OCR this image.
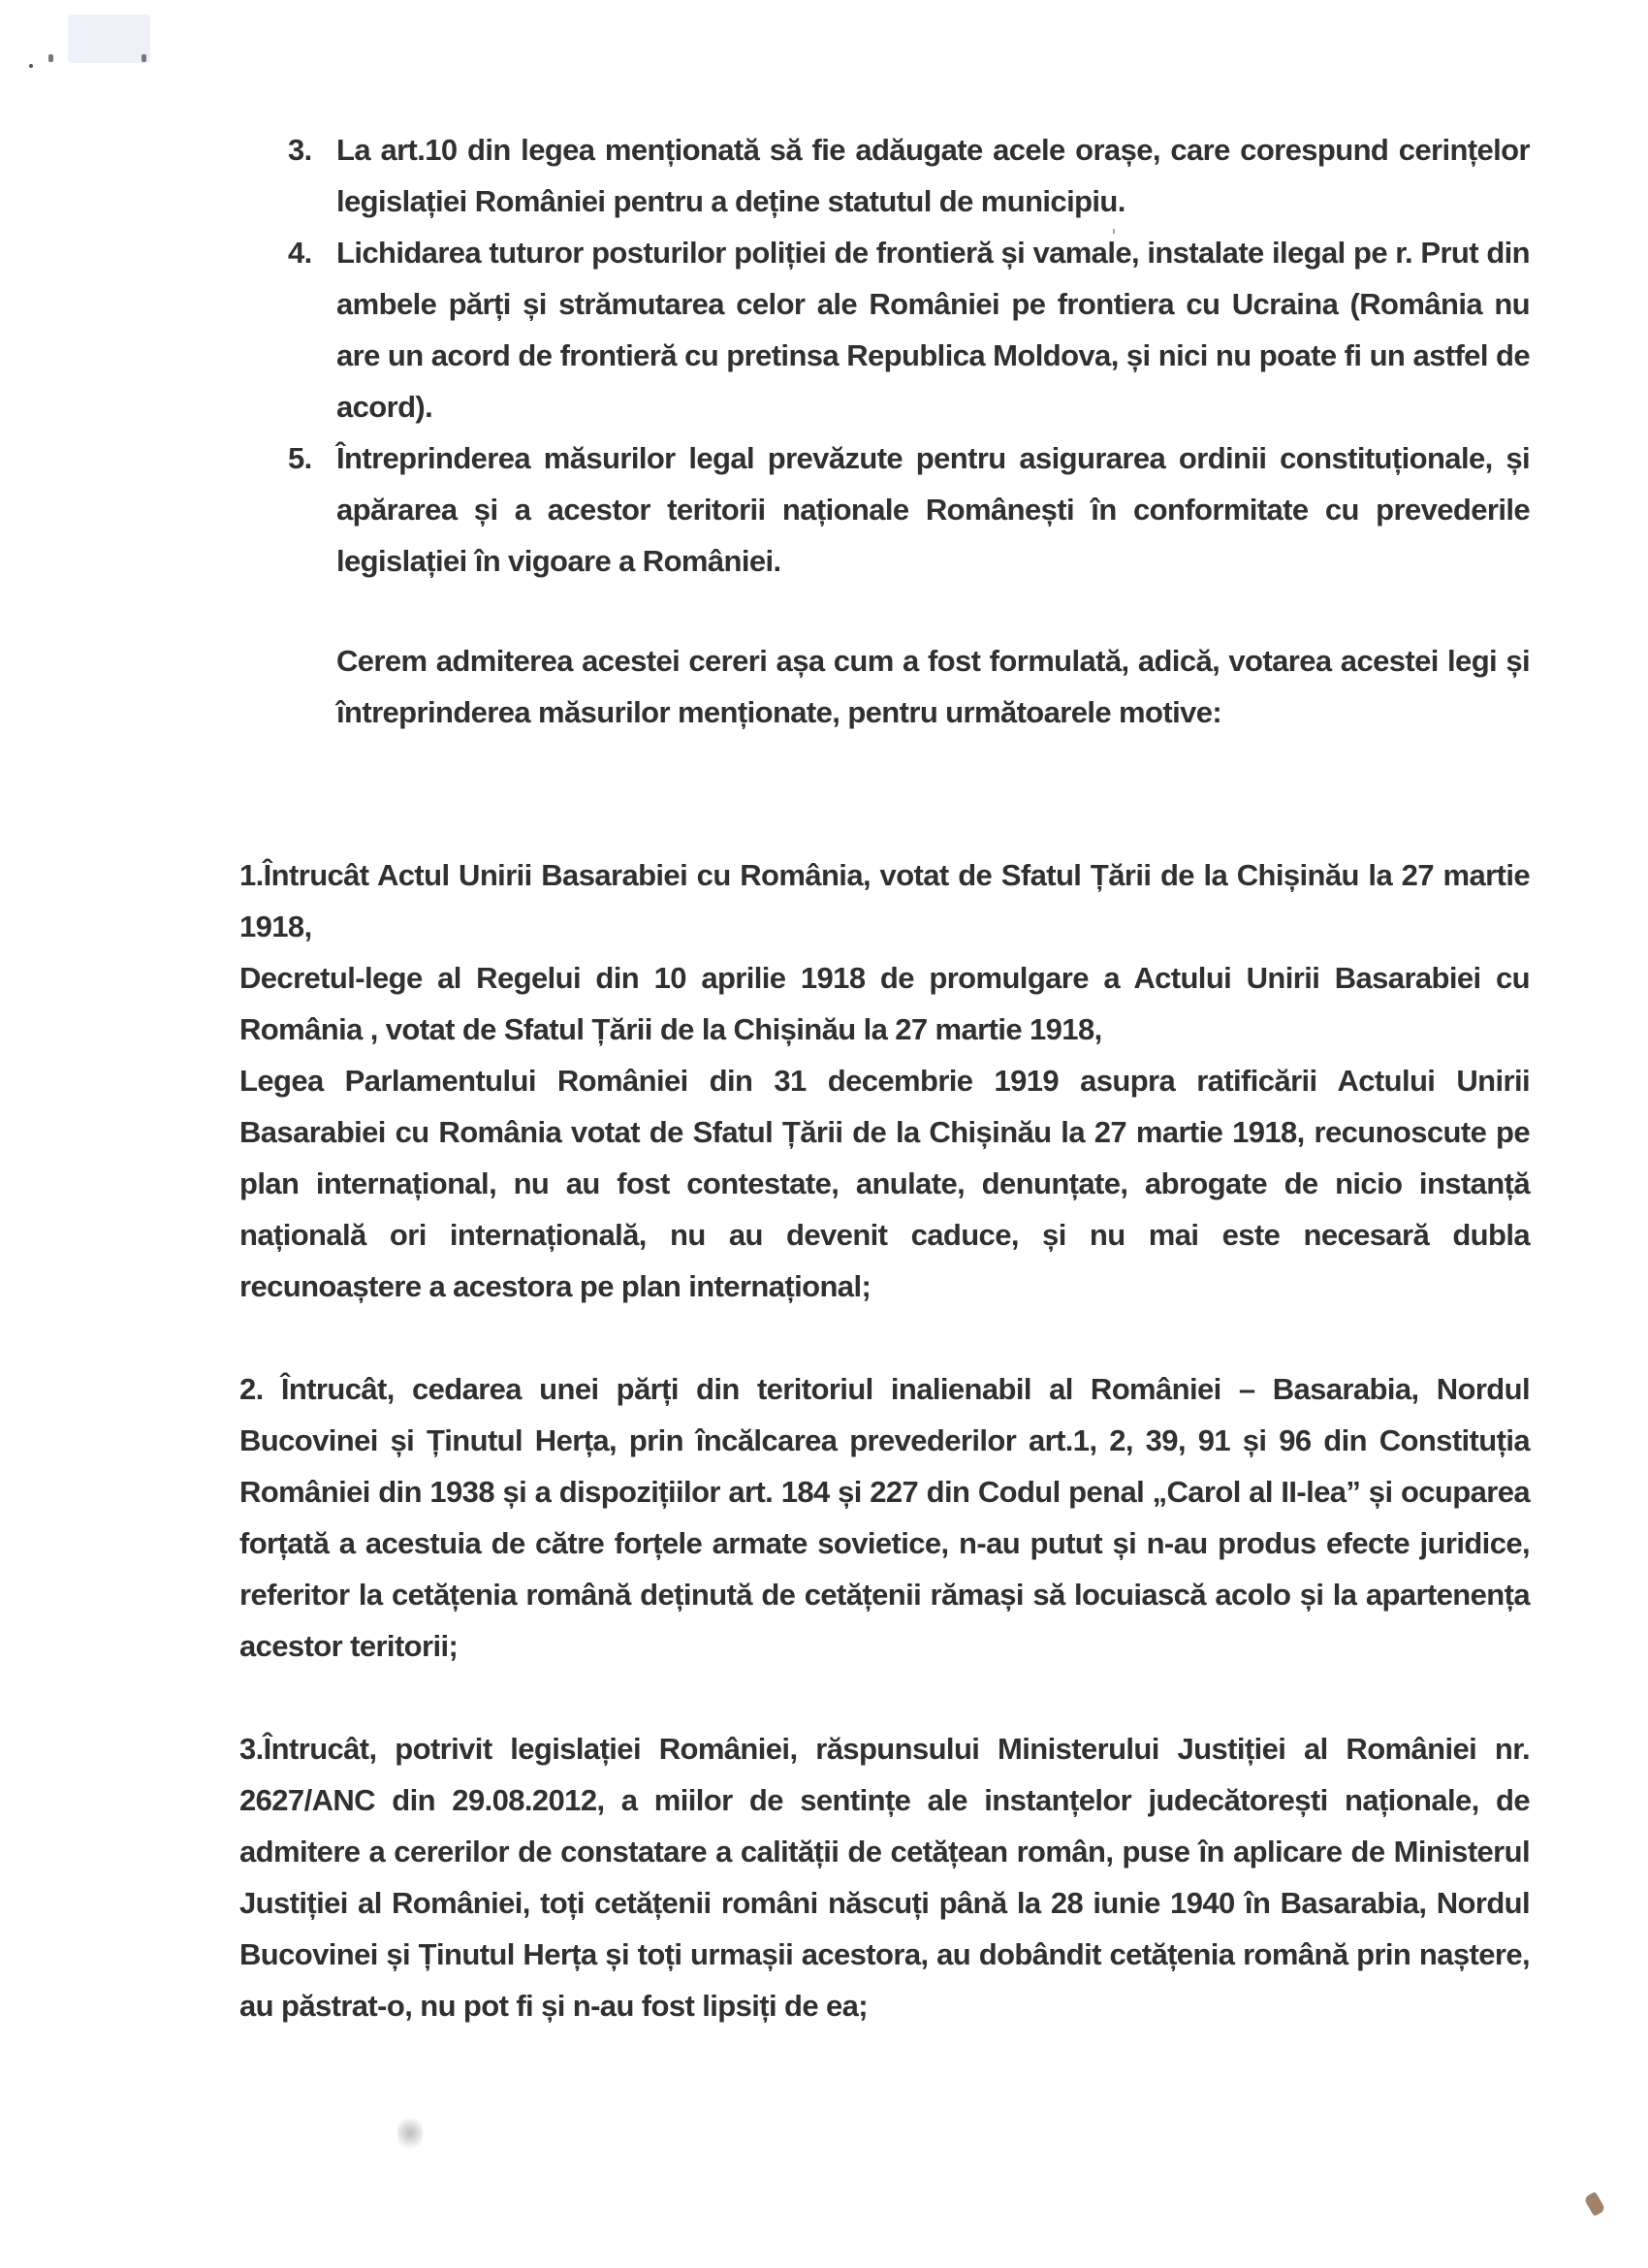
3. La art.10 din legea menționată să fie adăugate acele orașe, care corespund cerințelor legislației României pentru a deține statutul de municipiu.
4. Lichidarea tuturor posturilor poliției de frontieră și vamale, instalate ilegal pe r. Prut din ambele părți și strămutarea celor ale României pe frontiera cu Ucraina (România nu are un acord de frontieră cu pretinsa Republica Moldova, și nici nu poate fi un astfel de acord).
5. Întreprinderea măsurilor legal prevăzute pentru asigurarea ordinii constituționale, și apărarea și a acestor teritorii naționale Românești în conformitate cu prevederile legislației în vigoare a României.

Cerem admiterea acestei cereri așa cum a fost formulată, adică, votarea acestei legi și întreprinderea măsurilor menționate, pentru următoarele motive:

1.Întrucât Actul Unirii Basarabiei cu România, votat de Sfatul Țării de la Chișinău la 27 martie 1918,

Decretul-lege al Regelui din 10 aprilie 1918 de promulgare a Actului Unirii Basarabiei cu România , votat de Sfatul Țării de la Chișinău la 27 martie 1918,

Legea Parlamentului României din 31 decembrie 1919 asupra ratificării Actului Unirii Basarabiei cu România votat de Sfatul Țării de la Chișinău la 27 martie 1918, recunoscute pe plan internațional, nu au fost contestate, anulate, denunțate, abrogate de nicio instanță națională ori internațională, nu au devenit caduce, și nu mai este necesară dubla recunoaștere a acestora pe plan internațional;

2. Întrucât, cedarea unei părți din teritoriul inalienabil al României – Basarabia, Nordul Bucovinei și Ținutul Herța, prin încălcarea prevederilor art.1, 2, 39, 91 și 96 din Constituția României din 1938 și a dispozițiilor art. 184 și 227 din Codul penal „Carol al II-lea” și ocuparea forțată a acestuia de către forțele armate sovietice, n-au putut și n-au produs efecte juridice, referitor la cetățenia română deținută de cetățenii rămași să locuiască acolo și la apartenența acestor teritorii;

3.Întrucât, potrivit legislației României, răspunsului Ministerului Justiției al României nr. 2627/ANC din 29.08.2012, a miilor de sentințe ale instanțelor judecătorești naționale, de admitere a cererilor de constatare a calității de cetățean român, puse în aplicare de Ministerul Justiției al României, toți cetățenii români născuți până la 28 iunie 1940 în Basarabia, Nordul Bucovinei și Ținutul Herța și toți urmașii acestora, au dobândit cetățenia română prin naștere, au păstrat-o, nu pot fi și n-au fost lipsiți de ea;
